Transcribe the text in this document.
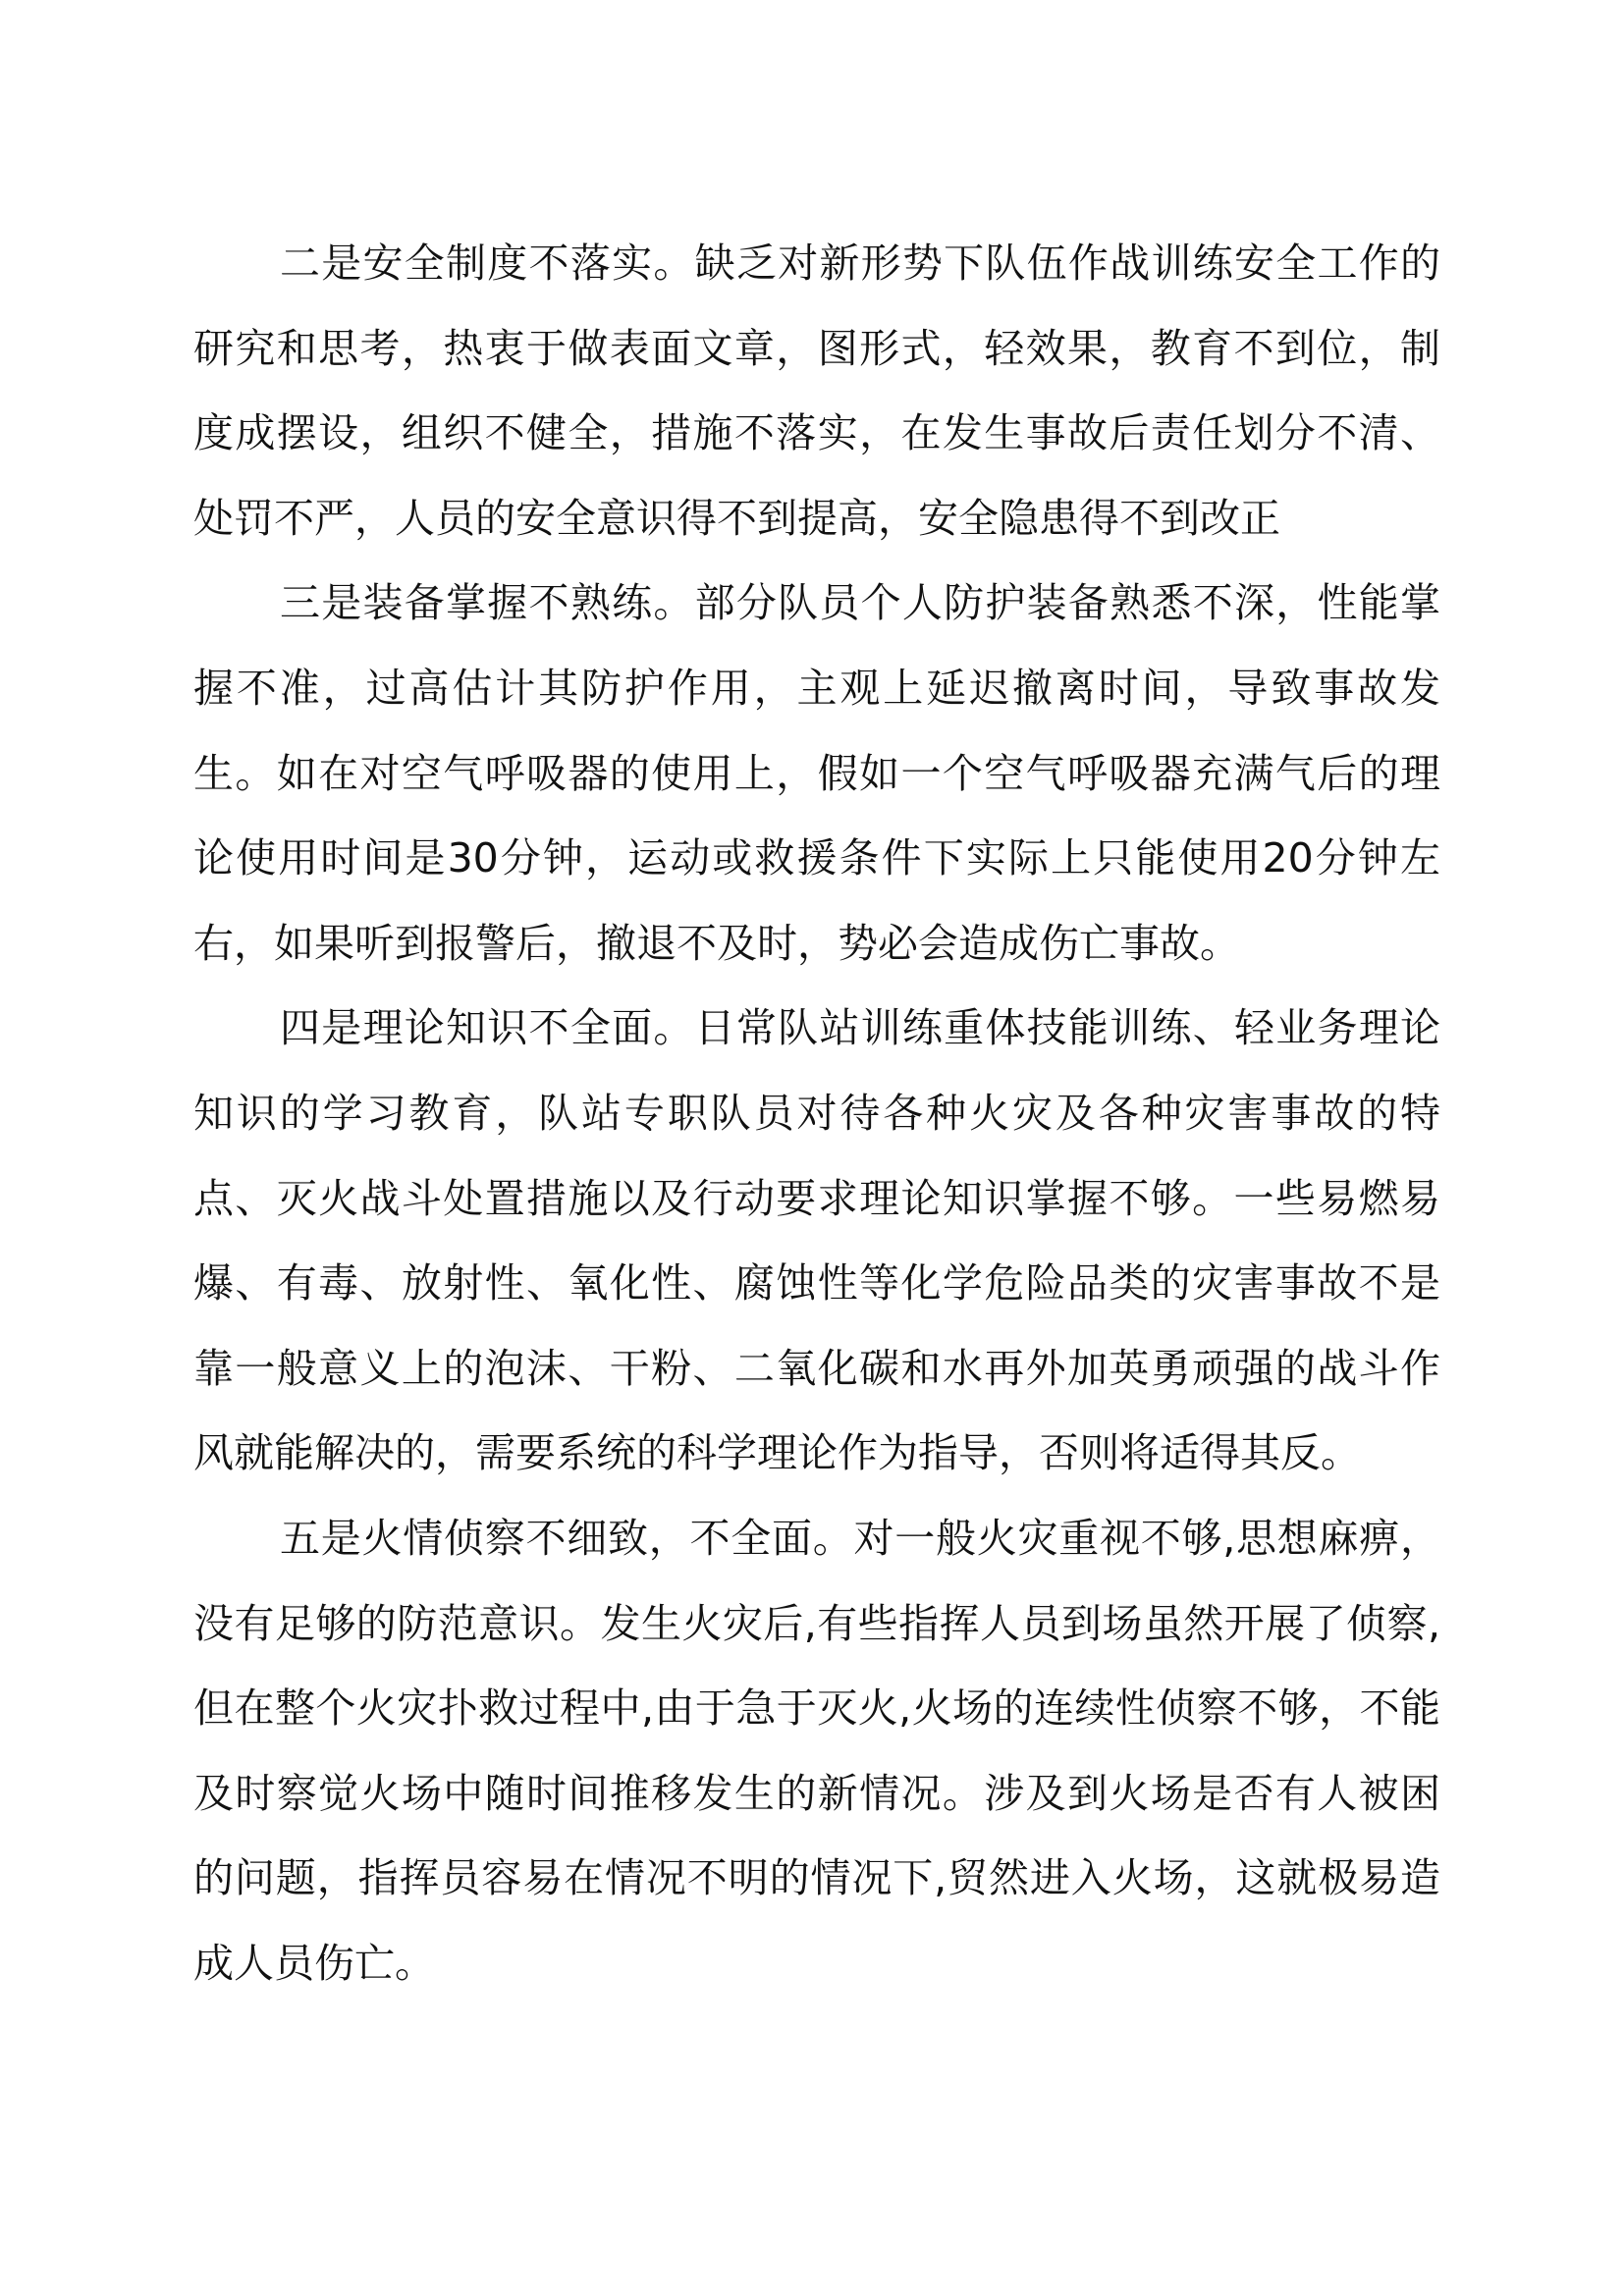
二是安全制度不落实。缺乏对新形势下队伍作战训练安全工作的研究和思考，热衷于做表面文章，图形式，轻效果，教育不到位，制度成摆设，组织不健全，措施不落实，在发生事故后责任划分不清、处罚不严，人员的安全意识得不到提高，安全隐患得不到改正

三是装备掌握不熟练。部分队员个人防护装备熟悉不深，性能掌握不准，过高估计其防护作用，主观上延迟撤离时间，导致事故发生。如在对空气呼吸器的使用上，假如一个空气呼吸器充满气后的理论使用时间是30分钟，运动或救援条件下实际上只能使用20分钟左右，如果听到报警后，撤退不及时，势必会造成伤亡事故。

四是理论知识不全面。日常队站训练重体技能训练、轻业务理论知识的学习教育，队站专职队员对待各种火灾及各种灾害事故的特点、灭火战斗处置措施以及行动要求理论知识掌握不够。一些易燃易爆、有毒、放射性、氧化性、腐蚀性等化学危险品类的灾害事故不是靠一般意义上的泡沫、干粉、二氧化碳和水再外加英勇顽强的战斗作风就能解决的，需要系统的科学理论作为指导，否则将适得其反。

五是火情侦察不细致，不全面。对一般火灾重视不够,思想麻痹，没有足够的防范意识。发生火灾后,有些指挥人员到场虽然开展了侦察,但在整个火灾扑救过程中,由于急于灭火,火场的连续性侦察不够，不能及时察觉火场中随时间推移发生的新情况。涉及到火场是否有人被困的问题，指挥员容易在情况不明的情况下,贸然进入火场，这就极易造成人员伤亡。
